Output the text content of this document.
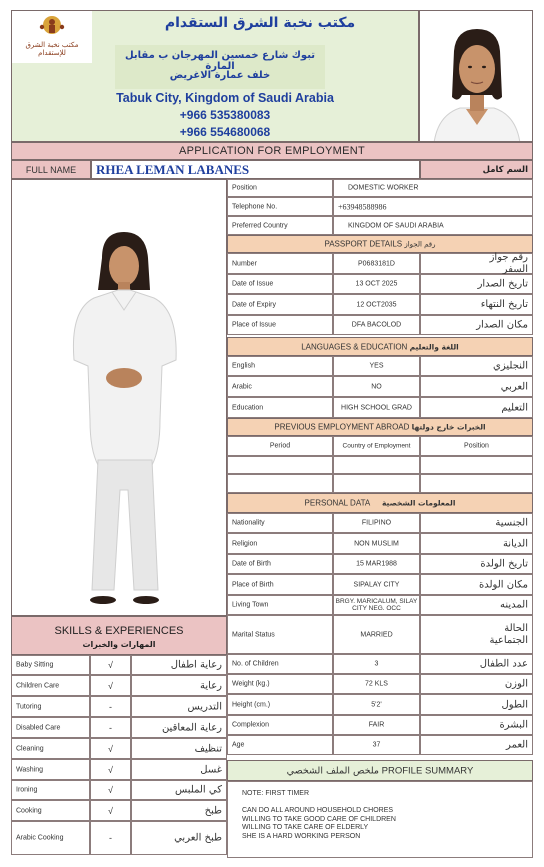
مكتب نخبة الشرق للإستقدام
مكتب نخبة الشرق الستقدام
تبوك شارع خمسين المهرجان ب مقابل المارة
خلف عمارة الاغريض
Tabuk City, Kingdom of Saudi Arabia
+966 535380083
+966 554680068
APPLICATION FOR EMPLOYMENT
FULL NAME	RHEA LEMAN LABANES	السم كامل
PASSPORT DETAILS رقم الجواز
LANGUAGES & EDUCATION اللغة والتعليم
PREVIOUS EMPLOYMENT ABROAD الخبرات خارج دولتها
Period	Country of Employment	Position
PERSONAL DATA المعلومات الشخصية
SKILLS & EXPERIENCES
المهارات والخبرات
ملخص الملف الشخصي PROFILE SUMMARY
NOTE: FIRST TIMER
CAN DO ALL AROUND HOUSEHOLD CHORES
WILLING TO TAKE GOOD CARE OF CHILDREN
WILLING TO TAKE CARE OF ELDERLY
SHE IS A HARD WORKING PERSON
Position	DOMESTIC WORKER
Telephone No.	+63948588986
Preferred Country	KINGDOM OF SAUDI ARABIA
Number	P0683181D
رقم جواز السفر
Date of Issue	13 OCT 2025	تاريخ الصدار
Date of Expiry	12 OCT2035	تاريخ النتهاء
Place of Issue	DFA BACOLOD	مكان الصدار
English	YES	النجليزي
Arabic	NO	العربي
Education	HIGH SCHOOL GRAD	التعليم
Nationality	FILIPINO	الجنسية
Religion	NON MUSLIM	الديانة
Date of Birth	15 MAR1988	تاريخ الولدة
Place of Birth	SIPALAY CITY	مكان الولدة
Living Town	BRGY. MARICALUM, SILAY CITY NEG. OCC	المدينه
Marital Status	MARRIED
الحالة الجتماعية
No. of Children	3	عدد الطفال
Weight (kg.)	72 KLS	الوزن
Height (cm.)	5'2'	الطول
Complexion	FAIR	البشرة
Age	37	العمر
Baby Sitting	√	رعاية اطفال
Children Care	√	رعاية
Tutoring	-	التدريس
Disabled Care	-	رعاية المعاقين
Cleaning	√	تنظيف
Washing	√	غسل
Ironing	√	كي الملبس
Cooking	√	طبخ
Arabic Cooking	-	طبخ العربي
